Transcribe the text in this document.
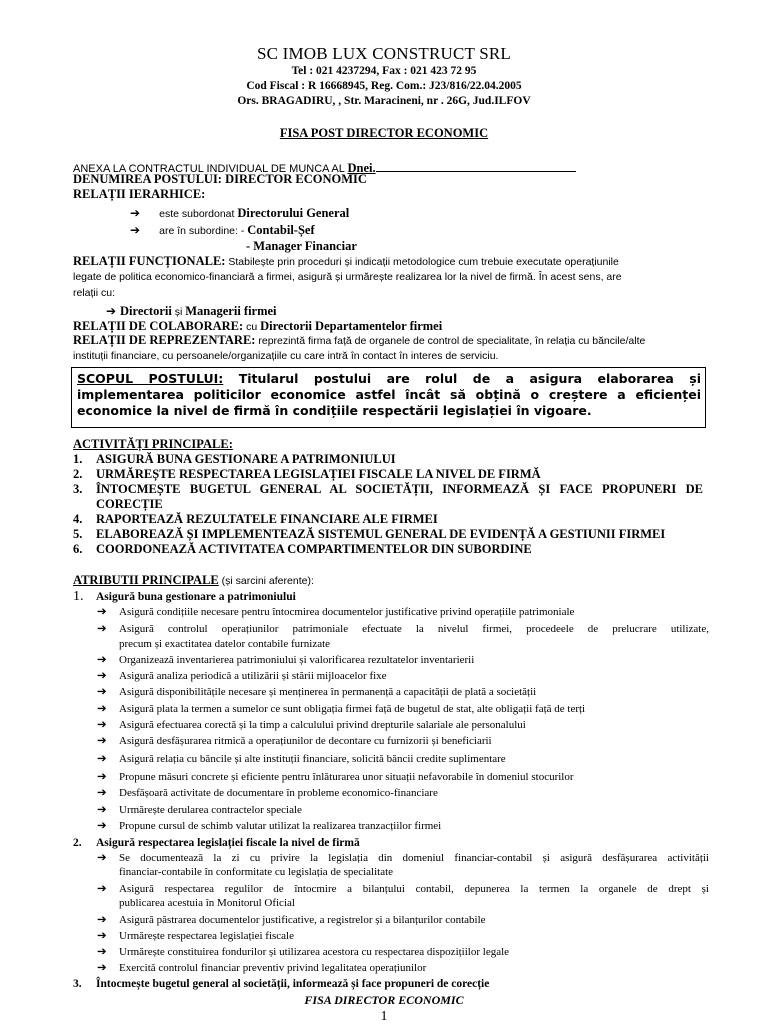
SC IMOB LUX CONSTRUCT SRL
Tel : 021 4237294, Fax : 021 423 72 95
Cod Fiscal : R 16668945, Reg. Com.: J23/816/22.04.2005
Ors. BRAGADIRU, , Str. Maracineni, nr . 26G, Jud.ILFOV
FISA POST DIRECTOR ECONOMIC
ANEXA LA CONTRACTUL INDIVIDUAL DE MUNCA AL Dnei.
DENUMIREA POSTULUI: DIRECTOR ECONOMIC
RELAȚII IERARHICE:
➔ este subordonat Directorului General
➔ are în subordine: - Contabil-Șef
- Manager Financiar
RELAȚII FUNCȚIONALE: Stabilește prin proceduri și indicații metodologice cum trebuie executate operațiunile
legate de politica economico-financiară a firmei, asigură și urmărește realizarea lor la nivel de firmă. În acest sens, are
relații cu:
➔ Directorii și Managerii firmei
RELAȚII DE COLABORARE: cu Directorii Departamentelor firmei
RELAȚII DE REPREZENTARE: reprezintă firma față de organele de control de specialitate, în relația cu băncile/alte
instituții financiare, cu persoanele/organizațiile cu care intră în contact în interes de serviciu.
SCOPUL POSTULUI: Titularul postului are rolul de a asigura elaborarea și implementarea politicilor economice astfel încât să obțină o creștere a eficienței economice la nivel de firmă în condițiile respectării legislației în vigoare.
ACTIVITĂȚI PRINCIPALE:
1. ASIGURĂ BUNA GESTIONARE A PATRIMONIULUI
2. URMĂREȘTE RESPECTAREA LEGISLAȚIEI FISCALE LA NIVEL DE FIRMĂ
3. ÎNTOCMEȘTE BUGETUL GENERAL AL SOCIETĂȚII, INFORMEAZĂ ȘI FACE PROPUNERI DE
CORECȚIE
4. RAPORTEAZĂ REZULTATELE FINANCIARE ALE FIRMEI
5. ELABOREAZĂ ȘI IMPLEMENTEAZĂ SISTEMUL GENERAL DE EVIDENȚĂ A GESTIUNII FIRMEI
6. COORDONEAZĂ ACTIVITATEA COMPARTIMENTELOR DIN SUBORDINE
ATRIBUTII PRINCIPALE (și sarcini aferente):
1. Asigură buna gestionare a patrimoniului
➔ Asigură condițiile necesare pentru întocmirea documentelor justificative privind operațiile patrimoniale
➔ Asigură controlul operațiunilor patrimoniale efectuate la nivelul firmei, procedeele de prelucrare utilizate,
precum și exactitatea datelor contabile furnizate
➔ Organizează inventarierea patrimoniului și valorificarea rezultatelor inventarierii
➔ Asigură analiza periodică a utilizării și stării mijloacelor fixe
➔ Asigură disponibilitățile necesare și menținerea în permanență a capacității de plată a societății
➔ Asigură plata la termen a sumelor ce sunt obligația firmei față de bugetul de stat, alte obligații față de terți
➔ Asigură efectuarea corectă și la timp a calculului privind drepturile salariale ale personalului
➔ Asigură desfășurarea ritmică a operațiunilor de decontare cu furnizorii și beneficiarii
➔ Asigură relația cu băncile și alte instituții financiare, solicită băncii credite suplimentare
➔ Propune măsuri concrete și eficiente pentru înlăturarea unor situații nefavorabile în domeniul stocurilor
➔ Desfășoară activitate de documentare în probleme economico-financiare
➔ Urmărește derularea contractelor speciale
➔ Propune cursul de schimb valutar utilizat la realizarea tranzacțiilor firmei
2. Asigură respectarea legislației fiscale la nivel de firmă
➔ Se documentează la zi cu privire la legislația din domeniul financiar-contabil și asigură desfășurarea activității
financiar-contabile în conformitate cu legislația de specialitate
➔ Asigură respectarea regulilor de întocmire a bilanțului contabil, depunerea la termen la organele de drept și
publicarea acestuia în Monitorul Oficial
➔ Asigură păstrarea documentelor justificative, a registrelor și a bilanțurilor contabile
➔ Urmărește respectarea legislației fiscale
➔ Urmărește constituirea fondurilor și utilizarea acestora cu respectarea dispozițiilor legale
➔ Exercită controlul financiar preventiv privind legalitatea operațiunilor
3. Întocmește bugetul general al societății, informează și face propuneri de corecție
FISA DIRECTOR ECONOMIC
1
